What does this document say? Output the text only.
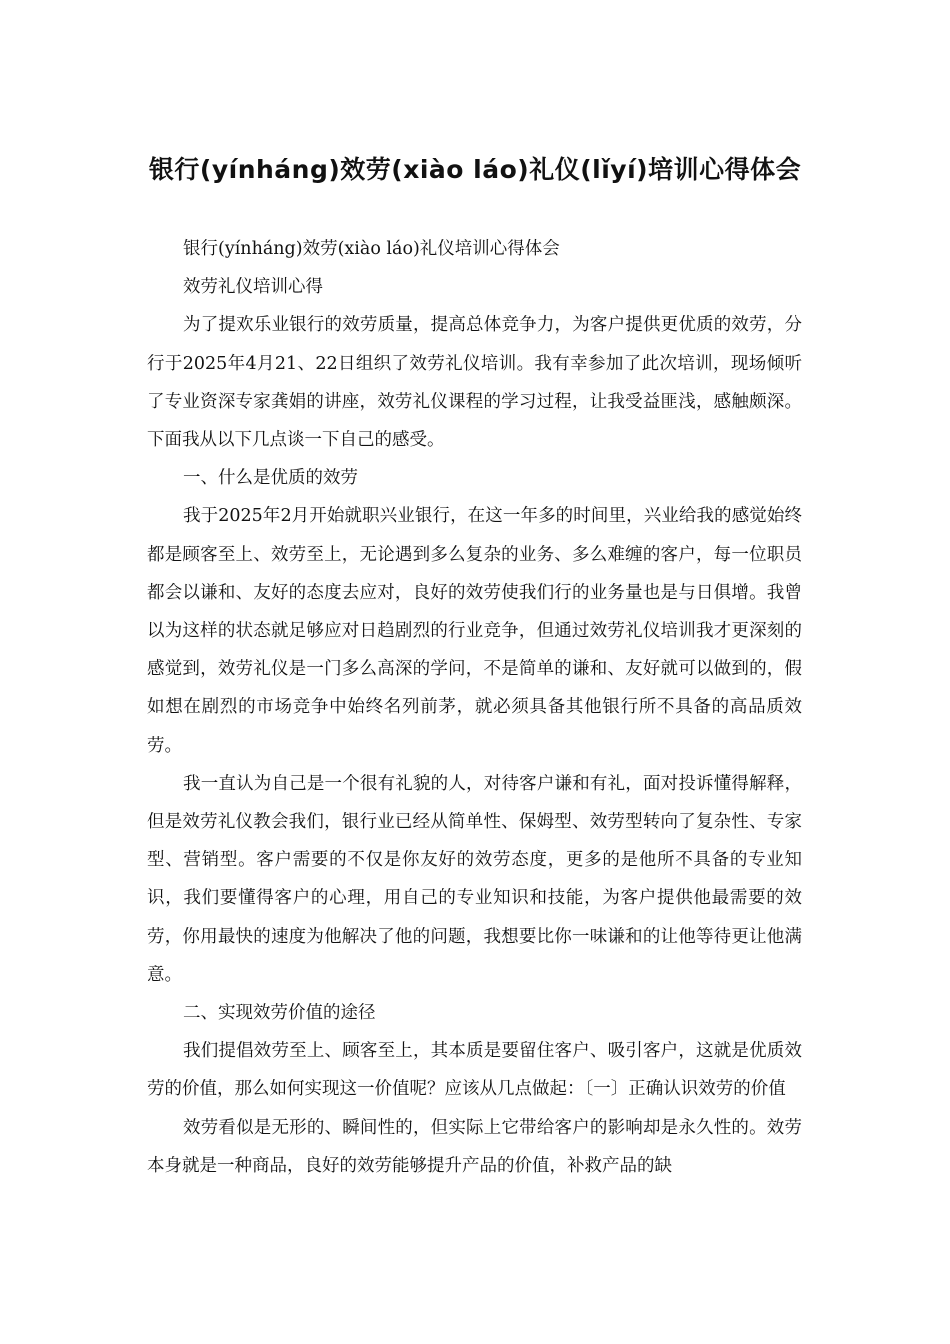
银行(yínháng)效劳(xiào láo)礼仪(lǐyí)培训心得体会

银行(yínháng)效劳(xiào láo)礼仪培训心得体会

效劳礼仪培训心得

为了提欢乐业银行的效劳质量，提高总体竞争力，为客户提供更优质的效劳，分行于2025年4月21、22日组织了效劳礼仪培训。我有幸参加了此次培训，现场倾听了专业资深专家龚娟的讲座，效劳礼仪课程的学习过程，让我受益匪浅，感触颇深。下面我从以下几点谈一下自己的感受。

一、什么是优质的效劳

我于2025年2月开始就职兴业银行，在这一年多的时间里，兴业给我的感觉始终都是顾客至上、效劳至上，无论遇到多么复杂的业务、多么难缠的客户，每一位职员都会以谦和、友好的态度去应对，良好的效劳使我们行的业务量也是与日俱增。我曾以为这样的状态就足够应对日趋剧烈的行业竞争，但通过效劳礼仪培训我才更深刻的感觉到，效劳礼仪是一门多么高深的学问，不是简单的谦和、友好就可以做到的，假如想在剧烈的市场竞争中始终名列前茅，就必须具备其他银行所不具备的高品质效劳。

我一直认为自己是一个很有礼貌的人，对待客户谦和有礼，面对投诉懂得解释，但是效劳礼仪教会我们，银行业已经从简单性、保姆型、效劳型转向了复杂性、专家型、营销型。客户需要的不仅是你友好的效劳态度，更多的是他所不具备的专业知识，我们要懂得客户的心理，用自己的专业知识和技能，为客户提供他最需要的效劳，你用最快的速度为他解决了他的问题，我想要比你一味谦和的让他等待更让他满意。

二、实现效劳价值的途径

我们提倡效劳至上、顾客至上，其本质是要留住客户、吸引客户，这就是优质效劳的价值，那么如何实现这一价值呢？应该从几点做起：〔一〕正确认识效劳的价值

效劳看似是无形的、瞬间性的，但实际上它带给客户的影响却是永久性的。效劳本身就是一种商品，良好的效劳能够提升产品的价值，补救产品的缺
